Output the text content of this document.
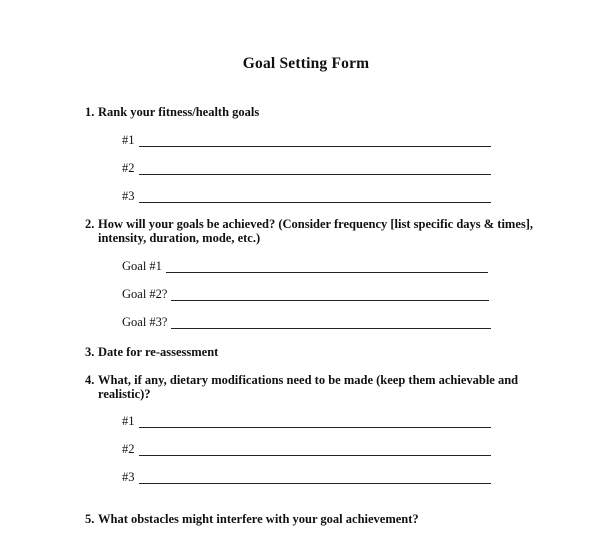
Goal Setting Form
1. Rank your fitness/health goals
#1
#2
#3
2. How will your goals be achieved? (Consider frequency [list specific days & times],
intensity, duration, mode, etc.)
Goal #1
Goal #2?
Goal #3?
3. Date for re-assessment
4. What, if any, dietary modifications need to be made (keep them achievable and
realistic)?
#1
#2
#3
5. What obstacles might interfere with your goal achievement?
